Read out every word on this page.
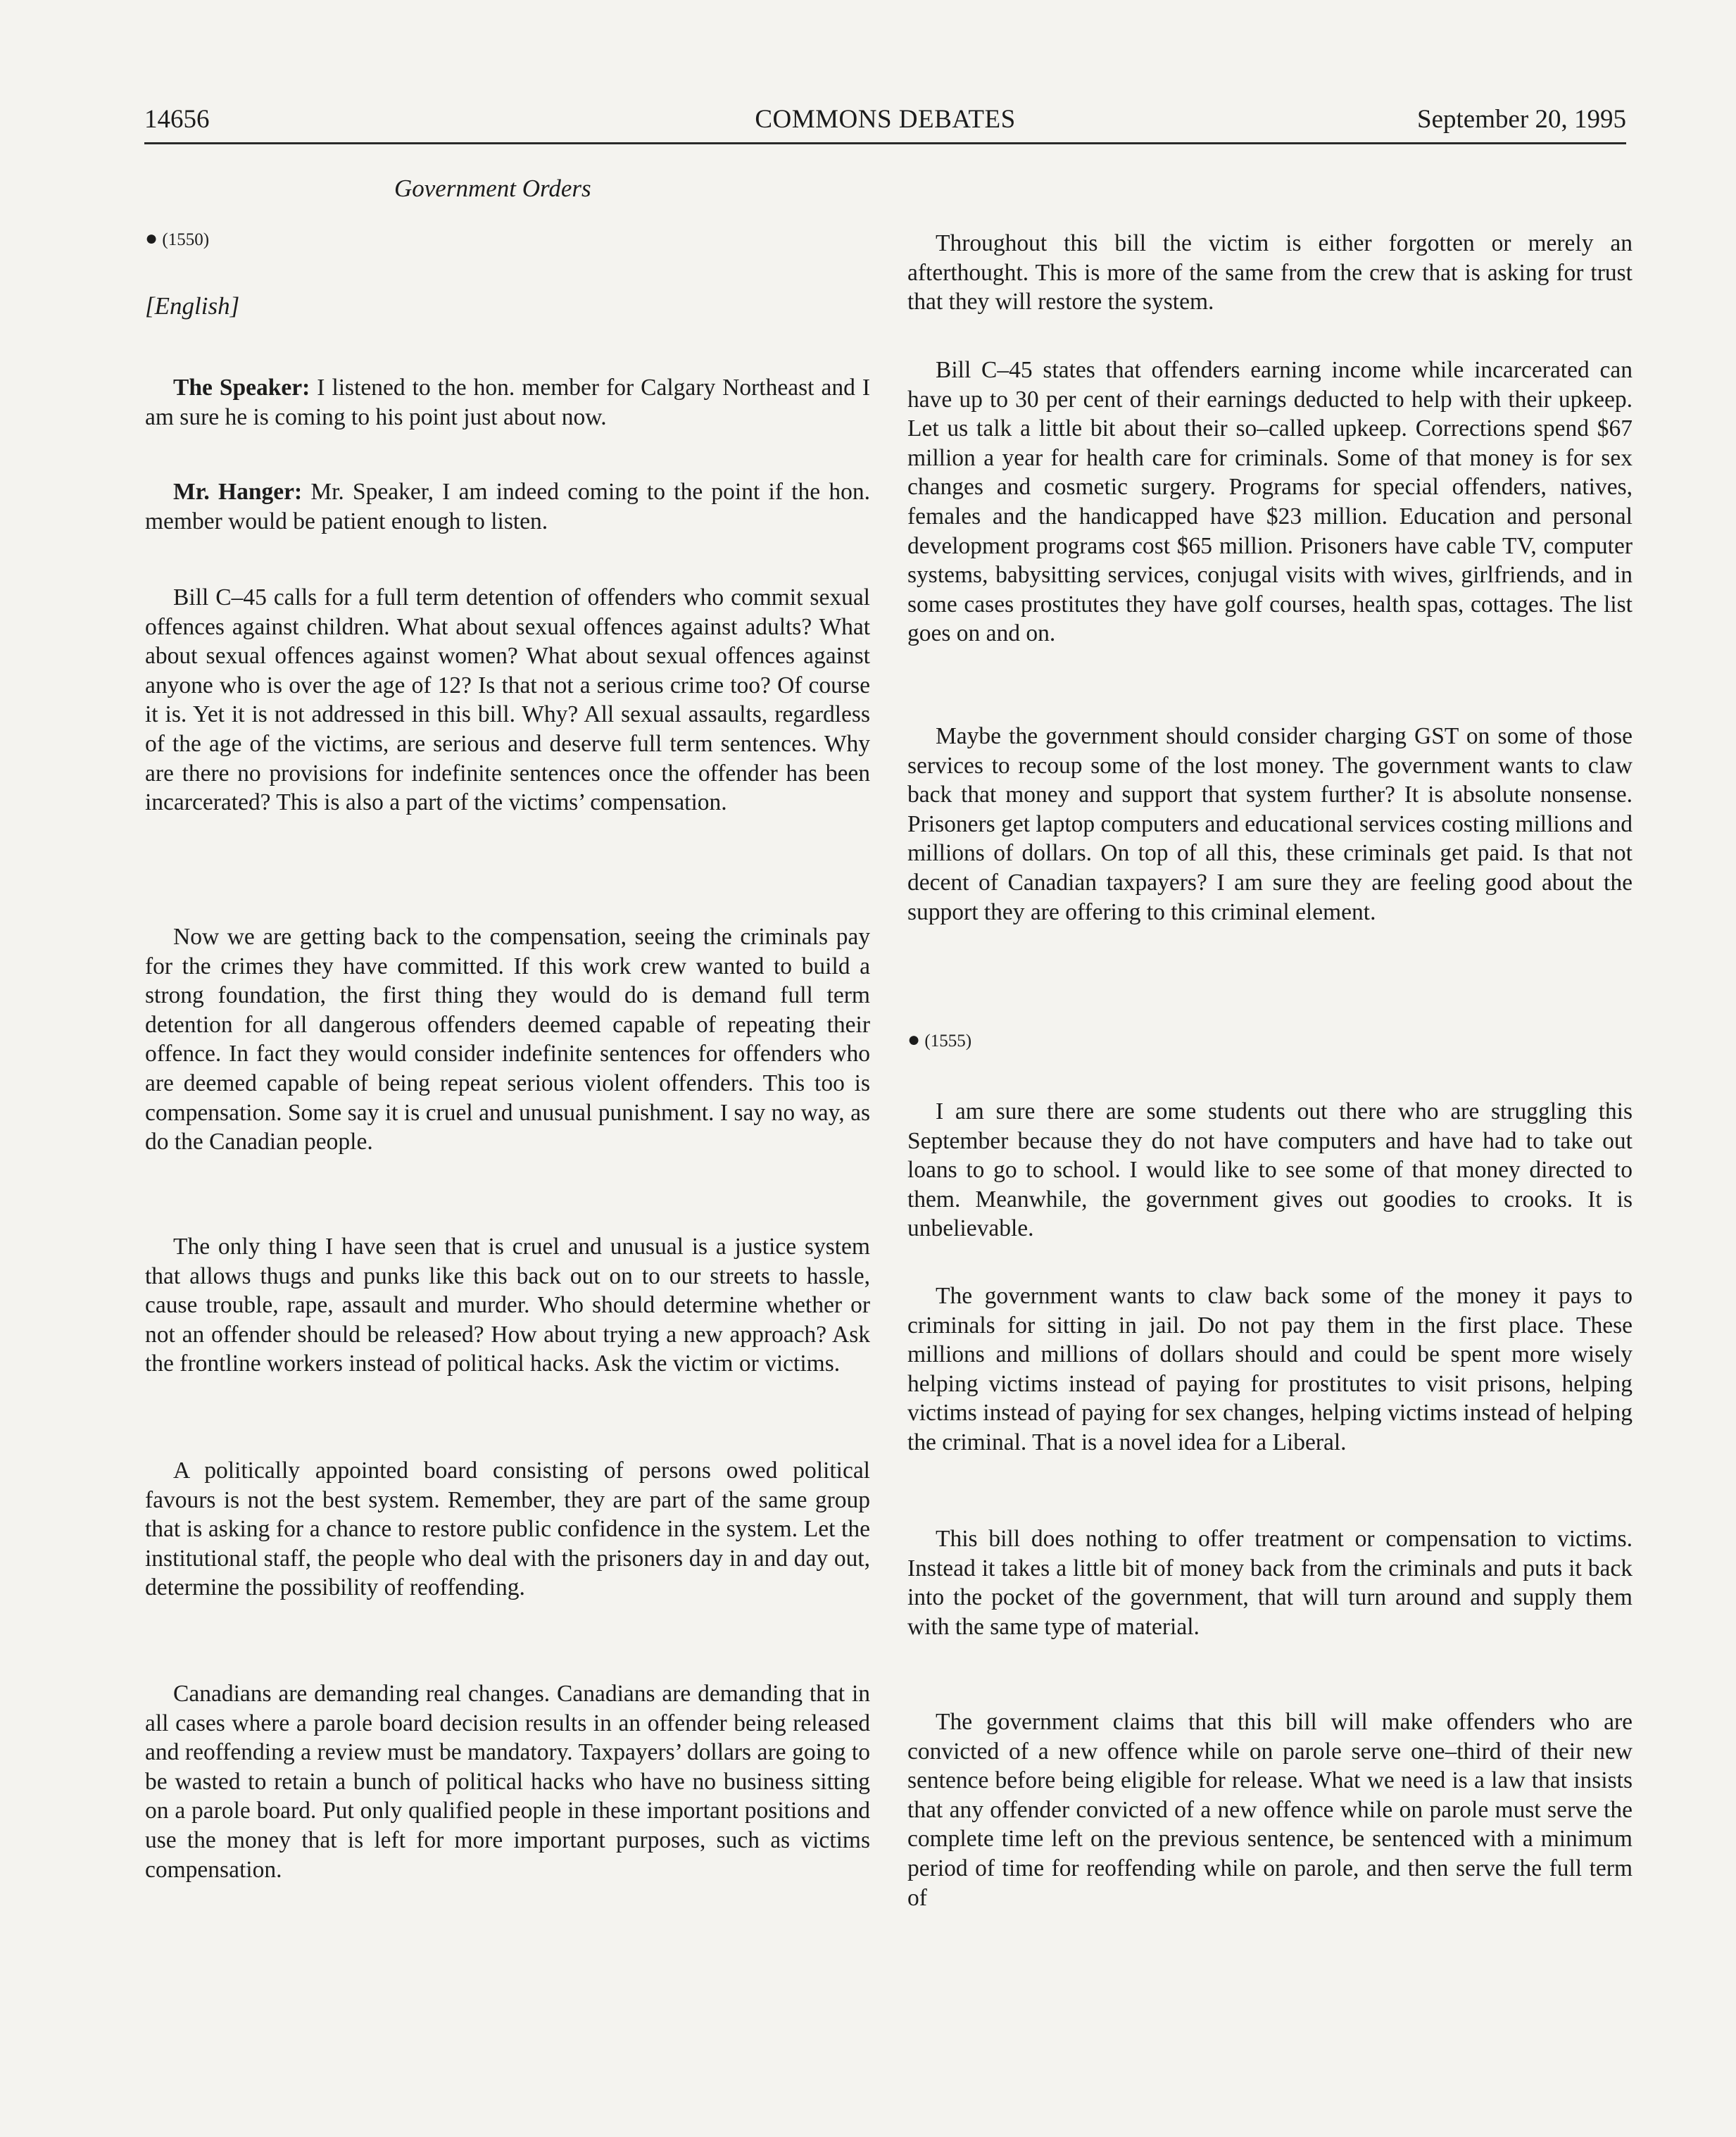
14656	COMMONS DEBATES	September 20, 1995
Government Orders
● (1550)
[English]

The Speaker: I listened to the hon. member for Calgary Northeast and I am sure he is coming to his point just about now.

Mr. Hanger: Mr. Speaker, I am indeed coming to the point if the hon. member would be patient enough to listen.

Bill C–45 calls for a full term detention of offenders who commit sexual offences against children. What about sexual offences against adults? What about sexual offences against women? What about sexual offences against anyone who is over the age of 12? Is that not a serious crime too? Of course it is. Yet it is not addressed in this bill. Why? All sexual assaults, regardless of the age of the victims, are serious and deserve full term sentences. Why are there no provisions for indefinite sentences once the offender has been incarcerated? This is also a part of the victims’ compensation.

Now we are getting back to the compensation, seeing the criminals pay for the crimes they have committed. If this work crew wanted to build a strong foundation, the first thing they would do is demand full term detention for all dangerous offenders deemed capable of repeating their offence. In fact they would consider indefinite sentences for offenders who are deemed capable of being repeat serious violent offenders. This too is compensation. Some say it is cruel and unusual punishment. I say no way, as do the Canadian people.

The only thing I have seen that is cruel and unusual is a justice system that allows thugs and punks like this back out on to our streets to hassle, cause trouble, rape, assault and murder. Who should determine whether or not an offender should be released? How about trying a new approach? Ask the frontline workers instead of political hacks. Ask the victim or victims.

A politically appointed board consisting of persons owed political favours is not the best system. Remember, they are part of the same group that is asking for a chance to restore public confidence in the system. Let the institutional staff, the people who deal with the prisoners day in and day out, determine the possibility of reoffending.

Canadians are demanding real changes. Canadians are demanding that in all cases where a parole board decision results in an offender being released and reoffending a review must be mandatory. Taxpayers’ dollars are going to be wasted to retain a bunch of political hacks who have no business sitting on a parole board. Put only qualified people in these important positions and use the money that is left for more important purposes, such as victims compensation.

Throughout this bill the victim is either forgotten or merely an afterthought. This is more of the same from the crew that is asking for trust that they will restore the system.

Bill C–45 states that offenders earning income while incarcerated can have up to 30 per cent of their earnings deducted to help with their upkeep. Let us talk a little bit about their so–called upkeep. Corrections spend $67 million a year for health care for criminals. Some of that money is for sex changes and cosmetic surgery. Programs for special offenders, natives, females and the handicapped have $23 million. Education and personal development programs cost $65 million. Prisoners have cable TV, computer systems, babysitting services, conjugal visits with wives, girlfriends, and in some cases prostitutes they have golf courses, health spas, cottages. The list goes on and on.

Maybe the government should consider charging GST on some of those services to recoup some of the lost money. The government wants to claw back that money and support that system further? It is absolute nonsense. Prisoners get laptop computers and educational services costing millions and millions of dollars. On top of all this, these criminals get paid. Is that not decent of Canadian taxpayers? I am sure they are feeling good about the support they are offering to this criminal element.

● (1555)

I am sure there are some students out there who are struggling this September because they do not have computers and have had to take out loans to go to school. I would like to see some of that money directed to them. Meanwhile, the government gives out goodies to crooks. It is unbelievable.

The government wants to claw back some of the money it pays to criminals for sitting in jail. Do not pay them in the first place. These millions and millions of dollars should and could be spent more wisely helping victims instead of paying for prostitutes to visit prisons, helping victims instead of paying for sex changes, helping victims instead of helping the criminal. That is a novel idea for a Liberal.

This bill does nothing to offer treatment or compensation to victims. Instead it takes a little bit of money back from the criminals and puts it back into the pocket of the government, that will turn around and supply them with the same type of material.

The government claims that this bill will make offenders who are convicted of a new offence while on parole serve one–third of their new sentence before being eligible for release. What we need is a law that insists that any offender convicted of a new offence while on parole must serve the complete time left on the previous sentence, be sentenced with a minimum period of time for reoffending while on parole, and then serve the full term of
